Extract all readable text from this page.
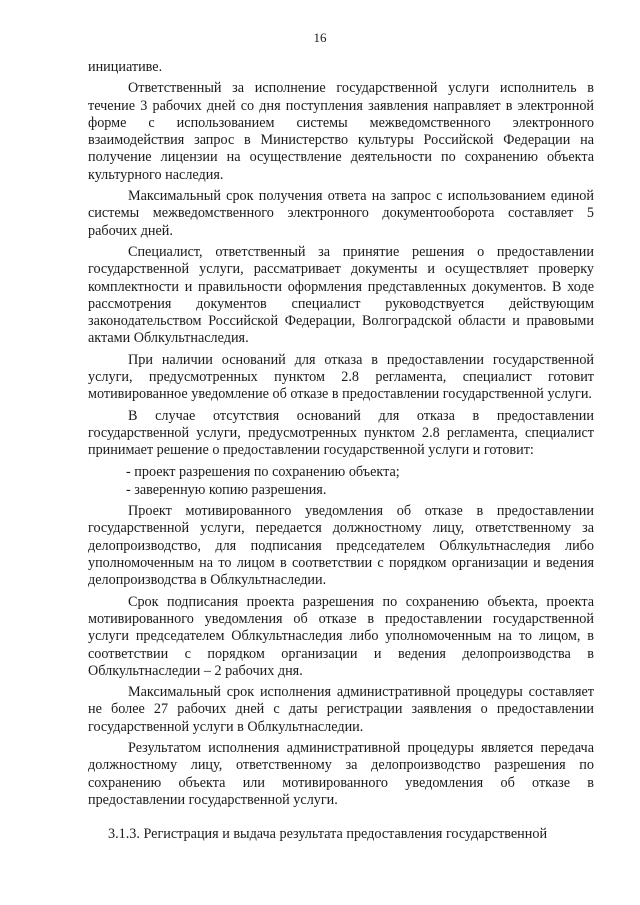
16

инициативе.

Ответственный за исполнение государственной услуги исполнитель в течение 3 рабочих дней со дня поступления заявления направляет в электронной форме с использованием системы межведомственного электронного взаимодействия запрос в Министерство культуры Российской Федерации на получение лицензии на осуществление деятельности по сохранению объекта культурного наследия.

Максимальный срок получения ответа на запрос с использованием единой системы межведомственного электронного документооборота составляет 5 рабочих дней.

Специалист, ответственный за принятие решения о предоставлении государственной услуги, рассматривает документы и осуществляет проверку комплектности и правильности оформления представленных документов. В ходе рассмотрения документов специалист руководствуется действующим законодательством Российской Федерации, Волгоградской области и правовыми актами Облкультнаследия.

При наличии оснований для отказа в предоставлении государственной услуги, предусмотренных пунктом 2.8 регламента, специалист готовит мотивированное уведомление об отказе в предоставлении государственной услуги.

В случае отсутствия оснований для отказа в предоставлении государственной услуги, предусмотренных пунктом 2.8 регламента, специалист принимает решение о предоставлении государственной услуги и готовит:

- проект разрешения по сохранению объекта;

- заверенную копию разрешения.

Проект мотивированного уведомления об отказе в предоставлении государственной услуги, передается должностному лицу, ответственному за делопроизводство, для подписания председателем Облкультнаследия либо уполномоченным на то лицом в соответствии с порядком организации и ведения делопроизводства в Облкультнаследии.

Срок подписания проекта разрешения по сохранению объекта, проекта мотивированного уведомления об отказе в предоставлении государственной услуги председателем Облкультнаследия либо уполномоченным на то лицом, в соответствии с порядком организации и ведения делопроизводства в Облкультнаследии – 2 рабочих дня.

Максимальный срок исполнения административной процедуры составляет не более 27 рабочих дней с даты регистрации заявления о предоставлении государственной услуги в Облкультнаследии.

Результатом исполнения административной процедуры является передача должностному лицу, ответственному за делопроизводство разрешения по сохранению объекта или мотивированного уведомления об отказе в предоставлении государственной услуги.

3.1.3. Регистрация и выдача результата предоставления государственной
